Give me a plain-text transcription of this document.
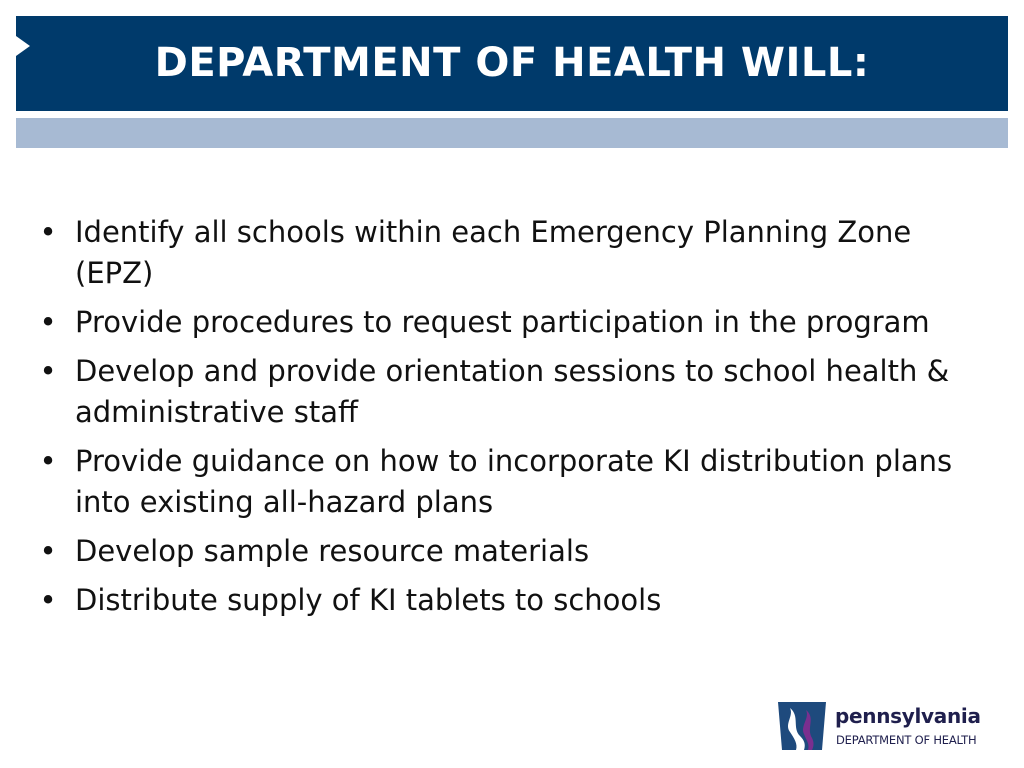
DEPARTMENT OF HEALTH WILL:
• Identify all schools within each Emergency Planning Zone (EPZ)
• Provide procedures to request participation in the program
• Develop and provide orientation sessions to school health & administrative staff
• Provide guidance on how to incorporate KI distribution plans into existing all-hazard plans
• Develop sample resource materials
• Distribute supply of KI tablets to schools
pennsylvania
DEPARTMENT OF HEALTH
